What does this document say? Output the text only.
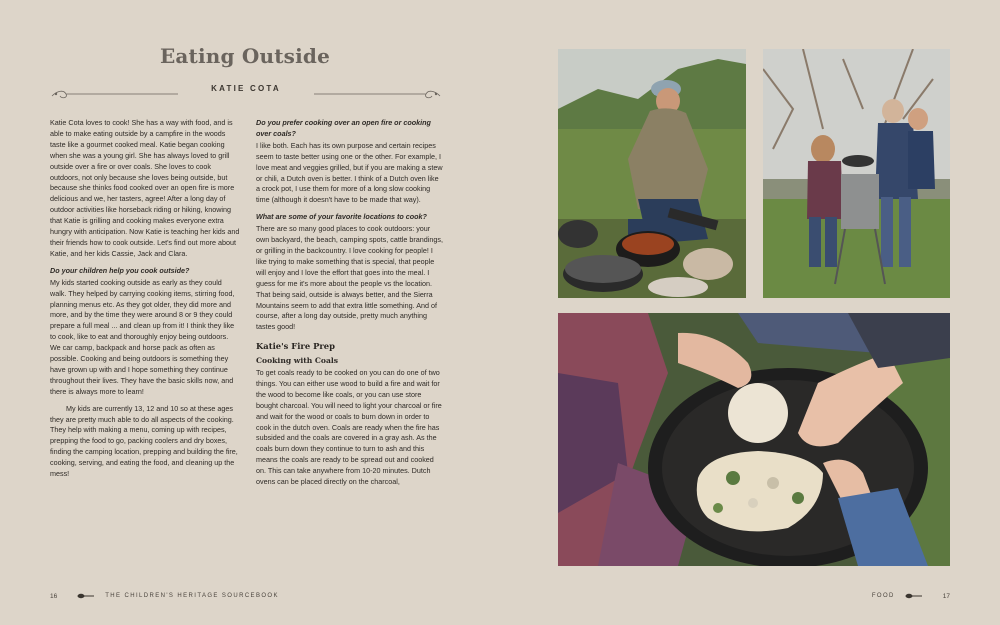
Eating Outside
KATIE COTA

Katie Cota loves to cook! She has a way with food, and is able to make eating outside by a campfire in the woods taste like a gourmet cooked meal. Katie began cooking when she was a young girl. She has always loved to grill outside over a fire or over coals. She loves to cook outdoors, not only because she loves being outside, but because she thinks food cooked over an open fire is more delicious and we, her tasters, agree! After a long day of outdoor activities like horseback riding or hiking, knowing that Katie is grilling and cooking makes everyone extra hungry with anticipation. Now Katie is teaching her kids and their friends how to cook outside. Let's find out more about Katie, and her kids Cassie, Jack and Clara.

Do your children help you cook outside?

My kids started cooking outside as early as they could walk. They helped by carrying cooking items, stirring food, planning menus etc. As they got older, they did more and more, and by the time they were around 8 or 9 they could prepare a full meal ... and clean up from it! I think they like to cook, like to eat and thoroughly enjoy being outdoors. We car camp, backpack and horse pack as often as possible. Cooking and being outdoors is something they have grown up with and I hope something they continue throughout their lives. They have the basic skills now, and there is always more to learn!

My kids are currently 13, 12 and 10 so at these ages they are pretty much able to do all aspects of the cooking. They help with making a menu, coming up with recipes, prepping the food to go, packing coolers and dry boxes, finding the camping location, prepping and building the fire, cooking, serving, and eating the food, and cleaning up the mess!

Do you prefer cooking over an open fire or cooking over coals?

I like both. Each has its own purpose and certain recipes seem to taste better using one or the other. For example, I love meat and veggies grilled, but if you are making a stew or chili, a Dutch oven is better. I think of a Dutch oven like a crock pot, I use them for more of a long slow cooking time (although it doesn't have to be made that way).

What are some of your favorite locations to cook?

There are so many good places to cook outdoors: your own backyard, the beach, camping spots, cattle brandings, or grilling in the backcountry. I love cooking for people! I like trying to make something that is special, that people will enjoy and I love the effort that goes into the meal. I guess for me it's more about the people vs the location. That being said, outside is always better, and the Sierra Mountains seem to add that extra little something. And of course, after a long day outside, pretty much anything tastes good!

Katie's Fire Prep
Cooking with Coals

To get coals ready to be cooked on you can do one of two things. You can either use wood to build a fire and wait for the wood to become like coals, or you can use store bought charcoal. You will need to light your charcoal or fire and wait for the wood or coals to burn down in order to cook in the dutch oven. Coals are ready when the fire has subsided and the coals are covered in a gray ash. As the coals burn down they continue to turn to ash and this means the coals are ready to be spread out and cooked on. This can take anywhere from 10-20 minutes. Dutch ovens can be placed directly on the charcoal,

16	THE CHILDREN'S HERITAGE SOURCEBOOK	FOOD	17
